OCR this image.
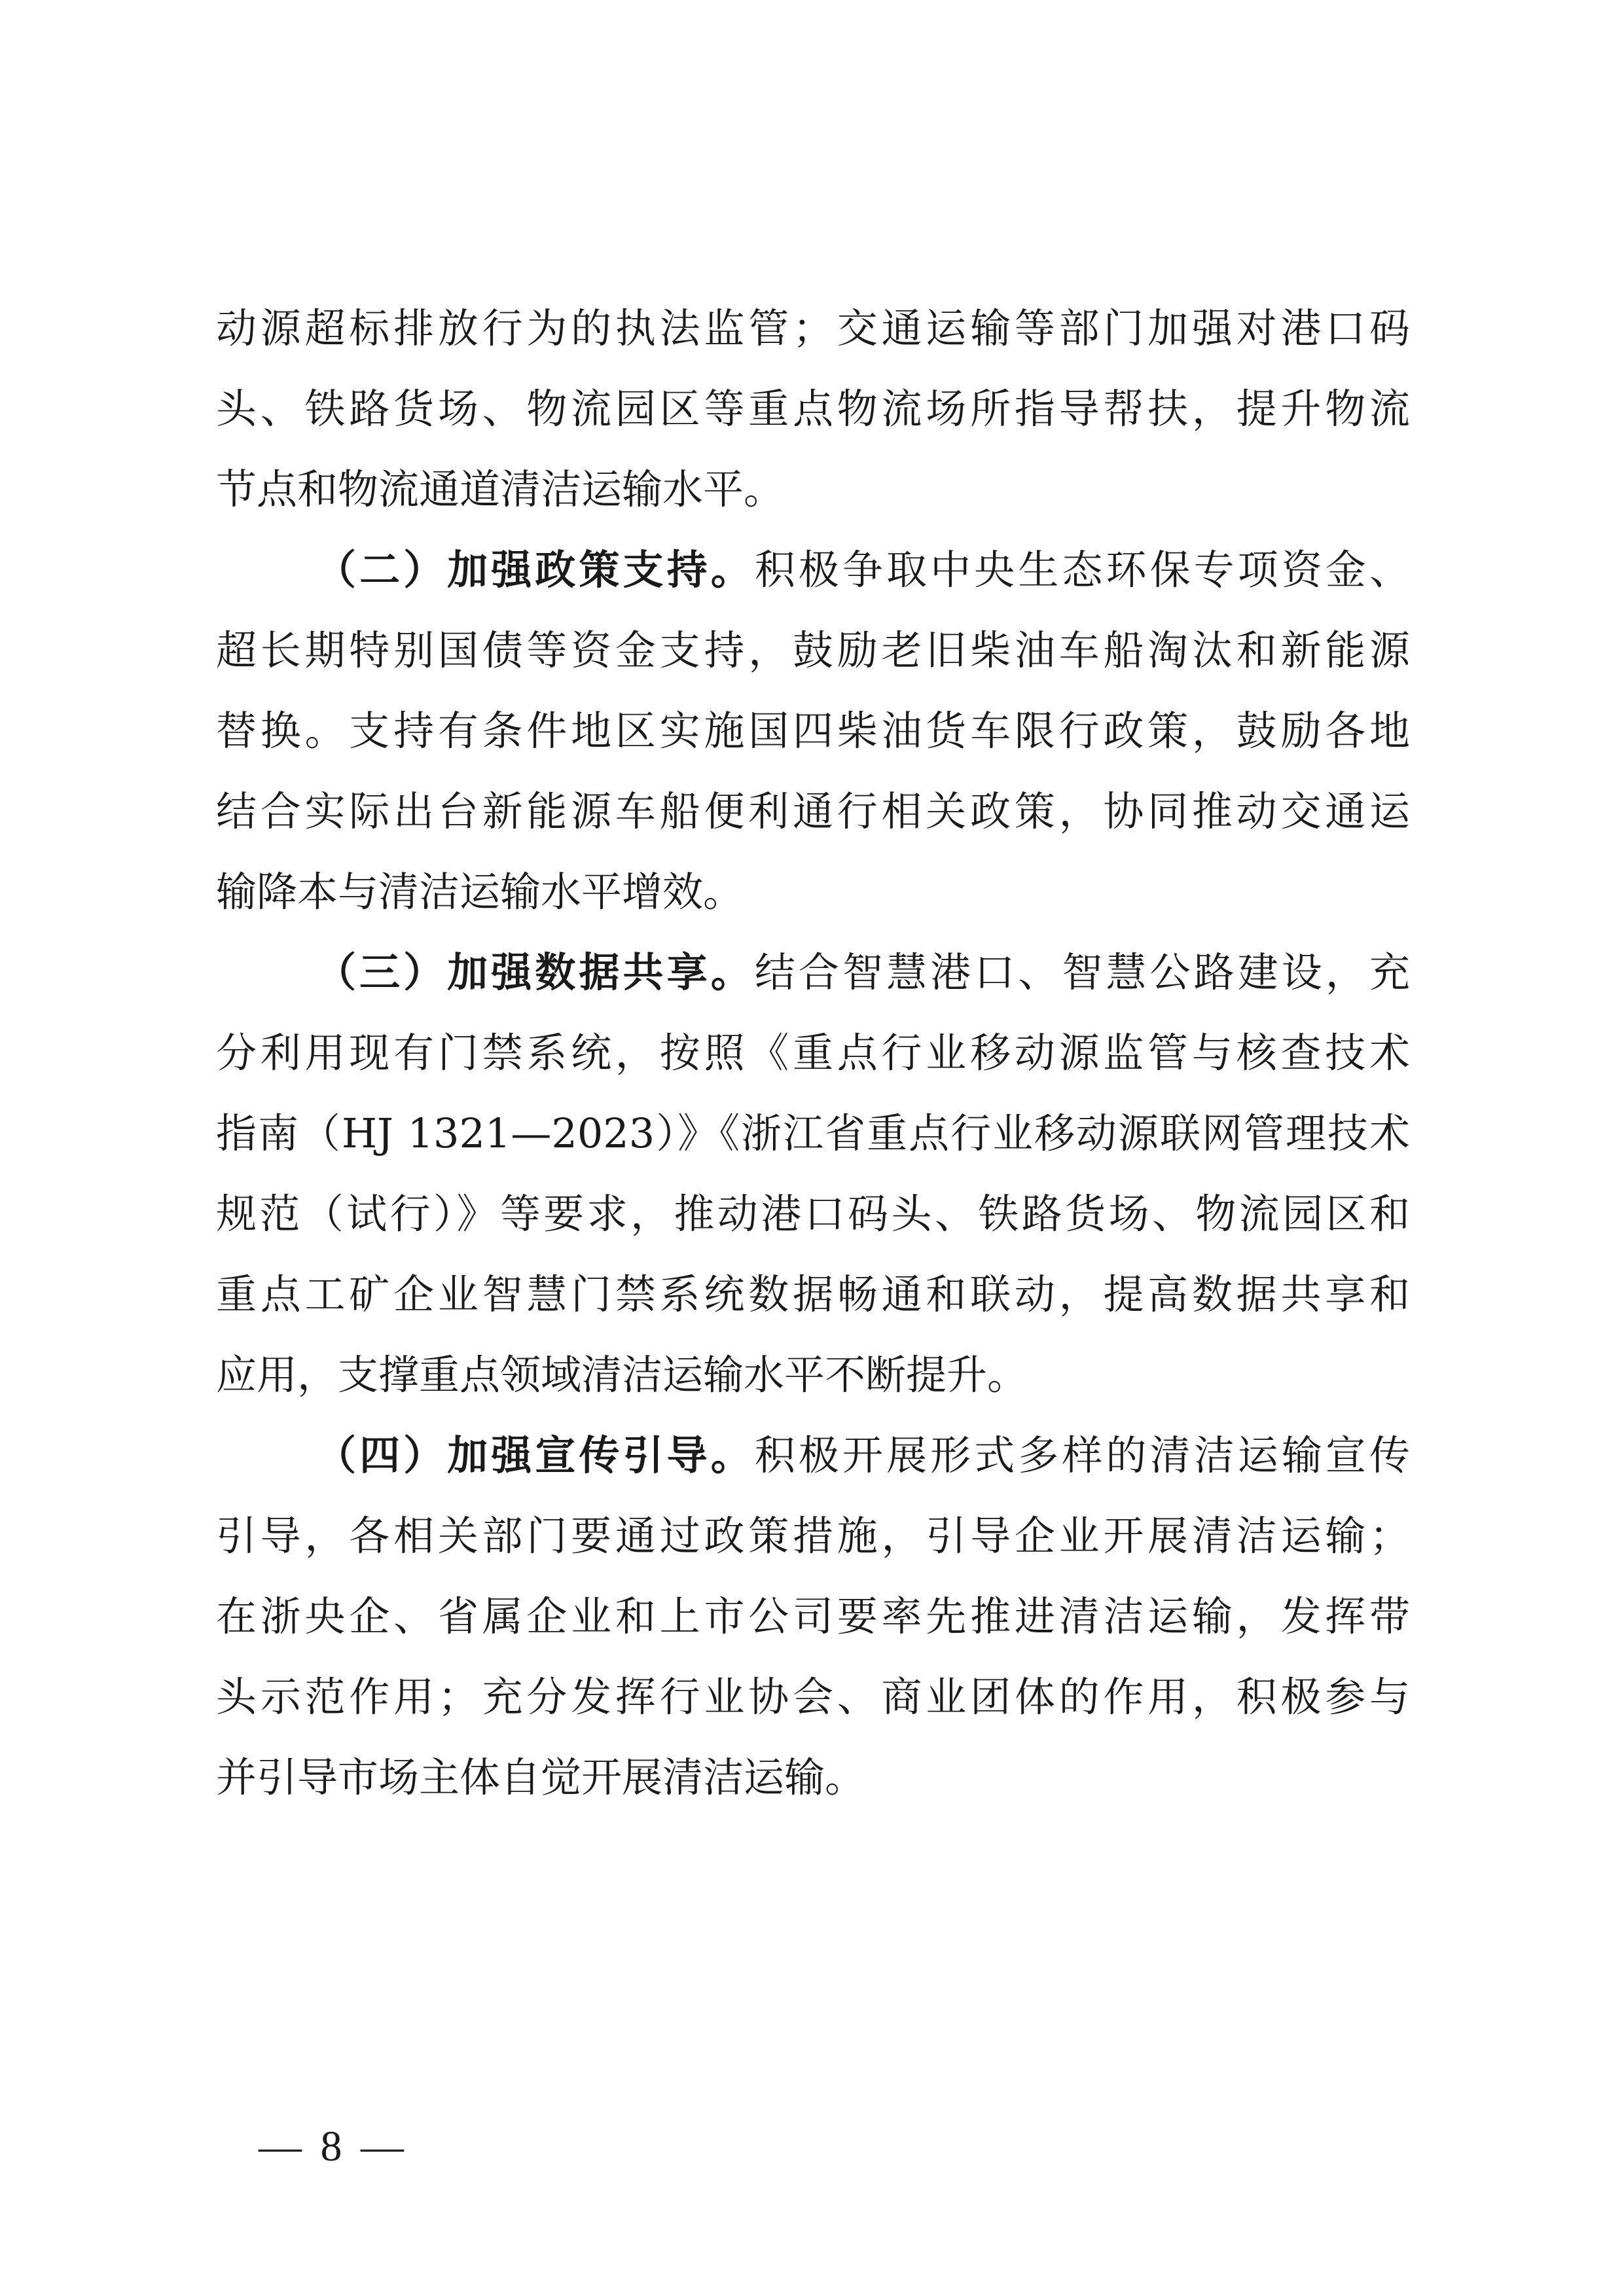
动源超标排放行为的执法监管；交通运输等部门加强对港口码
头、铁路货场、物流园区等重点物流场所指导帮扶，提升物流
节点和物流通道清洁运输水平。
（二）加强政策支持。积极争取中央生态环保专项资金、
超长期特别国债等资金支持，鼓励老旧柴油车船淘汰和新能源
替换。支持有条件地区实施国四柴油货车限行政策，鼓励各地
结合实际出台新能源车船便利通行相关政策，协同推动交通运
输降本与清洁运输水平增效。
（三）加强数据共享。结合智慧港口、智慧公路建设，充
分利用现有门禁系统，按照《重点行业移动源监管与核查技术
指南（HJ 1321—2023）》《浙江省重点行业移动源联网管理技术
规范（试行）》等要求，推动港口码头、铁路货场、物流园区和
重点工矿企业智慧门禁系统数据畅通和联动，提高数据共享和
应用，支撑重点领域清洁运输水平不断提升。
（四）加强宣传引导。积极开展形式多样的清洁运输宣传
引导，各相关部门要通过政策措施，引导企业开展清洁运输；
在浙央企、省属企业和上市公司要率先推进清洁运输，发挥带
头示范作用；充分发挥行业协会、商业团体的作用，积极参与
并引导市场主体自觉开展清洁运输。
— 8 —
